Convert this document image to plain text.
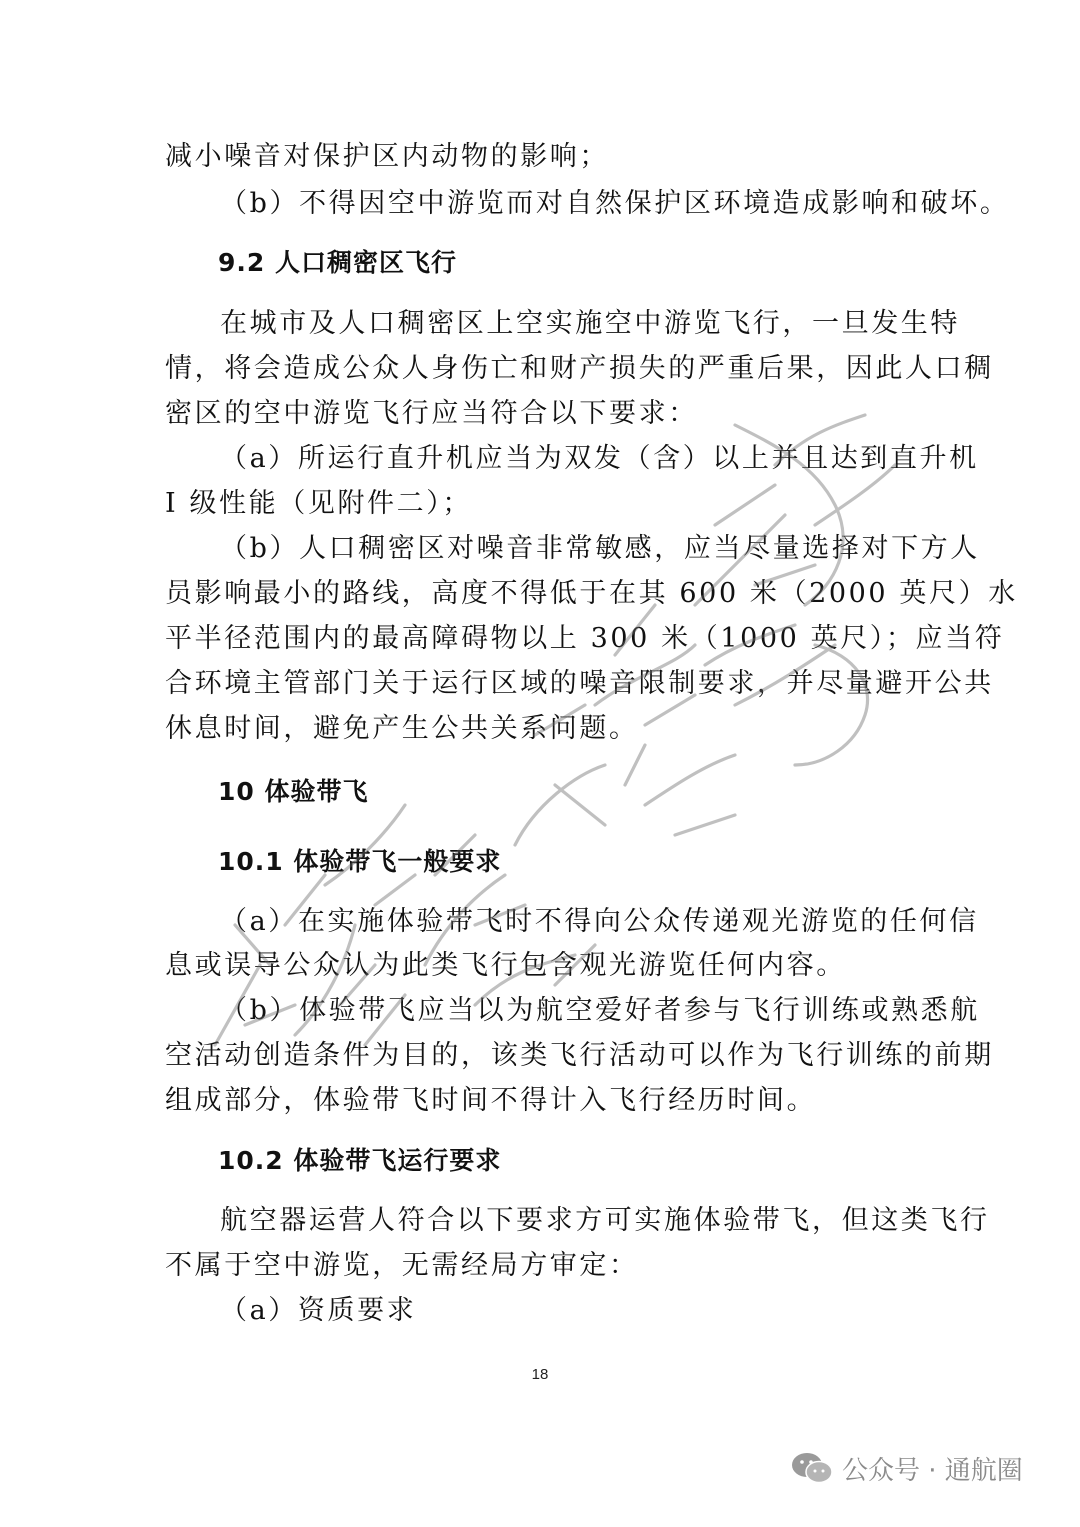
减小噪音对保护区内动物的影响；
（b）不得因空中游览而对自然保护区环境造成影响和破坏。
9.2 人口稠密区飞行
在城市及人口稠密区上空实施空中游览飞行，一旦发生特
情，将会造成公众人身伤亡和财产损失的严重后果，因此人口稠
密区的空中游览飞行应当符合以下要求：
（a）所运行直升机应当为双发（含）以上并且达到直升机
I 级性能（见附件二）；
（b）人口稠密区对噪音非常敏感，应当尽量选择对下方人
员影响最小的路线，高度不得低于在其 600 米（2000 英尺）水
平半径范围内的最高障碍物以上 300 米（1000 英尺）；应当符
合环境主管部门关于运行区域的噪音限制要求，并尽量避开公共
休息时间，避免产生公共关系问题。
10 体验带飞
10.1 体验带飞一般要求
（a）在实施体验带飞时不得向公众传递观光游览的任何信
息或误导公众认为此类飞行包含观光游览任何内容。
（b）体验带飞应当以为航空爱好者参与飞行训练或熟悉航
空活动创造条件为目的，该类飞行活动可以作为飞行训练的前期
组成部分，体验带飞时间不得计入飞行经历时间。
10.2 体验带飞运行要求
航空器运营人符合以下要求方可实施体验带飞，但这类飞行
不属于空中游览，无需经局方审定：
（a）资质要求
18
公众号 · 通航圈
